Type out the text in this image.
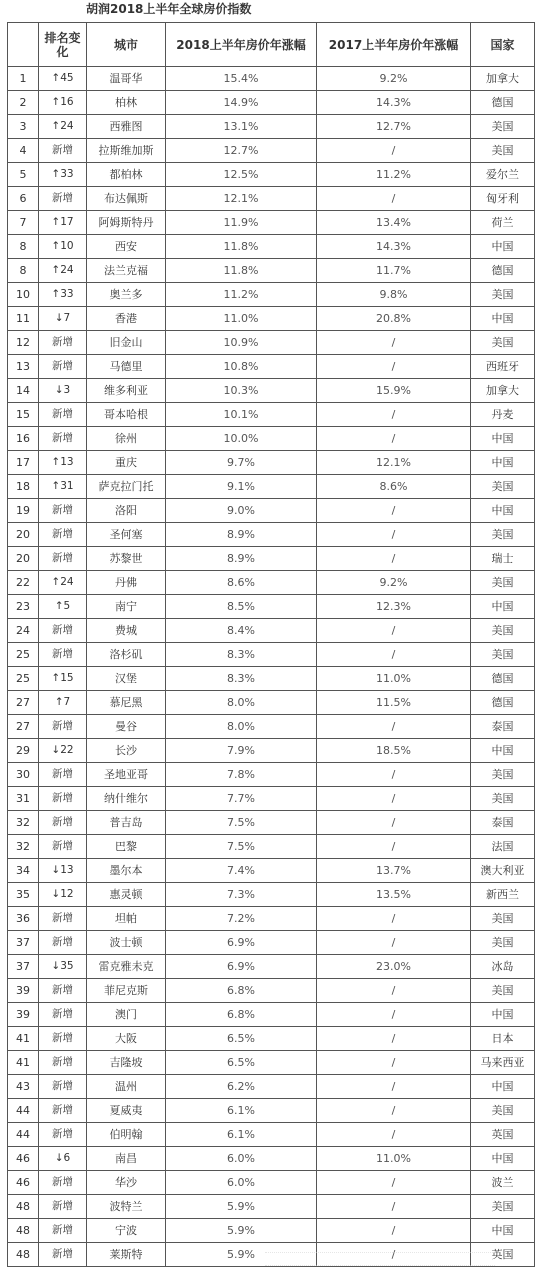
胡润2018上半年全球房价指数
	排名变化	城市	2018上半年房价年涨幅	2017上半年房价年涨幅	国家
1	↑45	温哥华	15.4%	9.2%	加拿大
2	↑16	柏林	14.9%	14.3%	德国
3	↑24	西雅图	13.1%	12.7%	美国
4	新增	拉斯维加斯	12.7%	/	美国
5	↑33	都柏林	12.5%	11.2%	爱尔兰
6	新增	布达佩斯	12.1%	/	匈牙利
7	↑17	阿姆斯特丹	11.9%	13.4%	荷兰
8	↑10	西安	11.8%	14.3%	中国
8	↑24	法兰克福	11.8%	11.7%	德国
10	↑33	奥兰多	11.2%	9.8%	美国
11	↓7	香港	11.0%	20.8%	中国
12	新增	旧金山	10.9%	/	美国
13	新增	马德里	10.8%	/	西班牙
14	↓3	维多利亚	10.3%	15.9%	加拿大
15	新增	哥本哈根	10.1%	/	丹麦
16	新增	徐州	10.0%	/	中国
17	↑13	重庆	9.7%	12.1%	中国
18	↑31	萨克拉门托	9.1%	8.6%	美国
19	新增	洛阳	9.0%	/	中国
20	新增	圣何塞	8.9%	/	美国
20	新增	苏黎世	8.9%	/	瑞士
22	↑24	丹佛	8.6%	9.2%	美国
23	↑5	南宁	8.5%	12.3%	中国
24	新增	费城	8.4%	/	美国
25	新增	洛杉矶	8.3%	/	美国
25	↑15	汉堡	8.3%	11.0%	德国
27	↑7	慕尼黑	8.0%	11.5%	德国
27	新增	曼谷	8.0%	/	泰国
29	↓22	长沙	7.9%	18.5%	中国
30	新增	圣地亚哥	7.8%	/	美国
31	新增	纳什维尔	7.7%	/	美国
32	新增	普吉岛	7.5%	/	泰国
32	新增	巴黎	7.5%	/	法国
34	↓13	墨尔本	7.4%	13.7%	澳大利亚
35	↓12	惠灵顿	7.3%	13.5%	新西兰
36	新增	坦帕	7.2%	/	美国
37	新增	波士顿	6.9%	/	美国
37	↓35	雷克雅未克	6.9%	23.0%	冰岛
39	新增	菲尼克斯	6.8%	/	美国
39	新增	澳门	6.8%	/	中国
41	新增	大阪	6.5%	/	日本
41	新增	吉隆坡	6.5%	/	马来西亚
43	新增	温州	6.2%	/	中国
44	新增	夏威夷	6.1%	/	美国
44	新增	伯明翰	6.1%	/	英国
46	↓6	南昌	6.0%	11.0%	中国
46	新增	华沙	6.0%	/	波兰
48	新增	波特兰	5.9%	/	美国
48	新增	宁波	5.9%	/	中国
48	新增	莱斯特	5.9%	/	英国
